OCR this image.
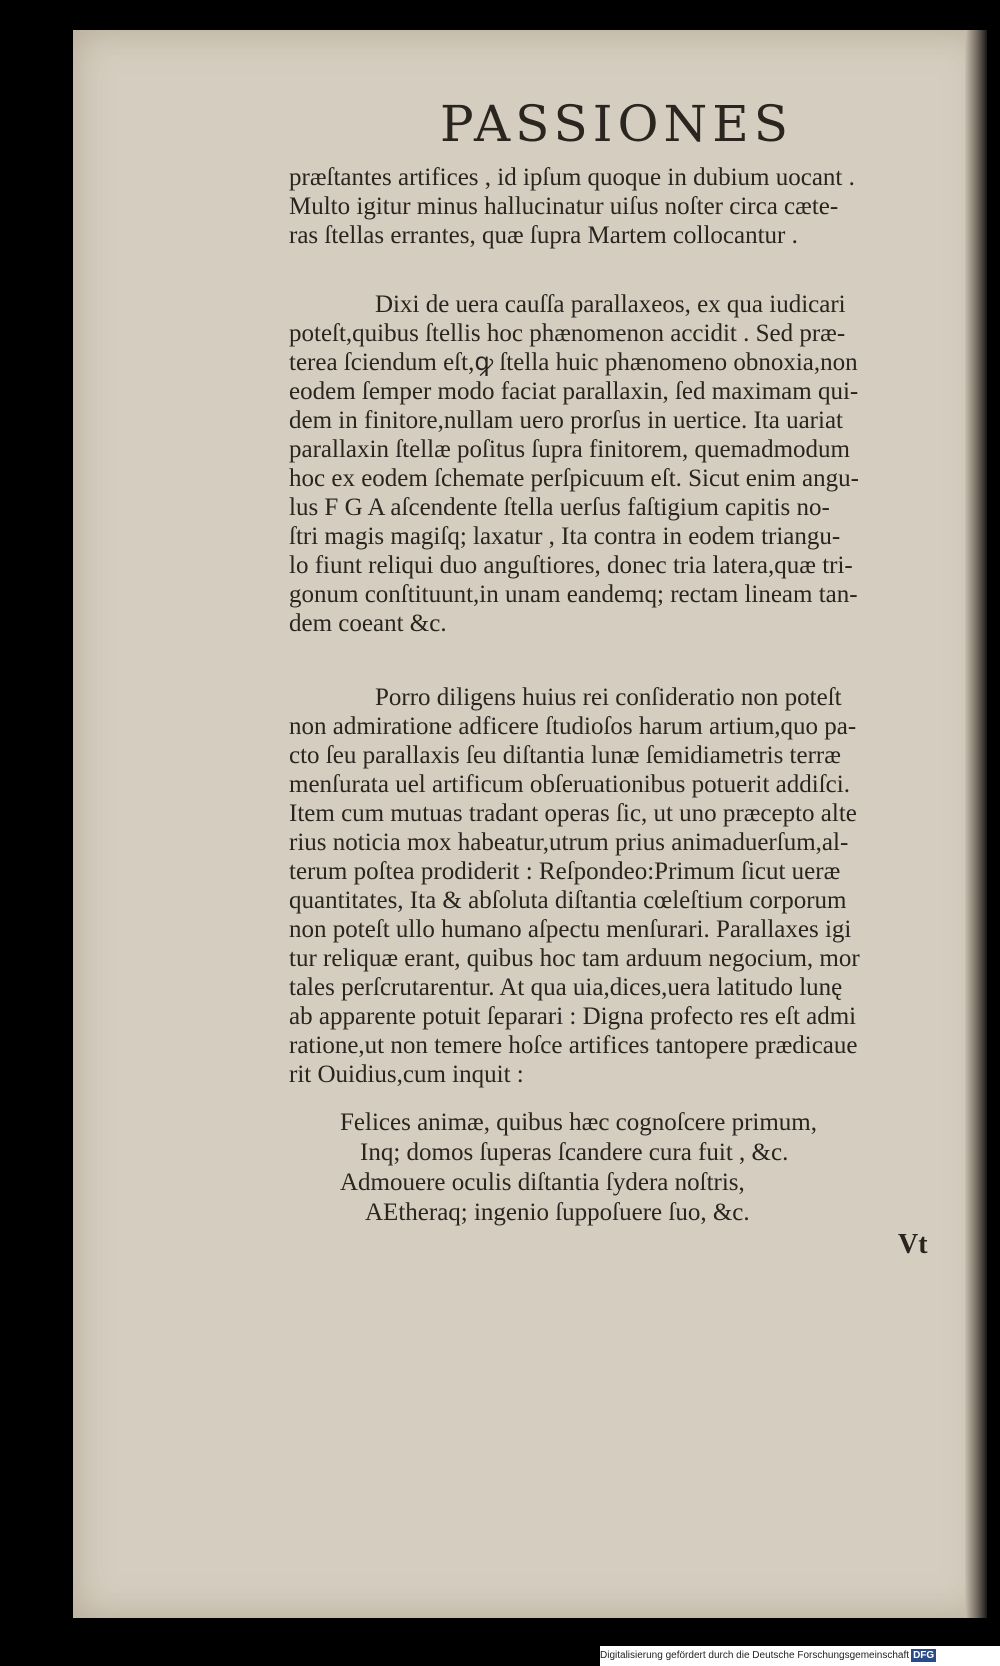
PASSIONES
præſtantes artifices , id ipſum quoque in dubium uocant .
Multo igitur minus hallucinatur uiſus noſter circa cæte-
ras ſtellas errantes, quæ ſupra Martem collocantur .
Dixi de uera cauſſa parallaxeos, ex qua iudicari
poteſt,quibus ſtellis hoc phænomenon accidit . Sed præ-
terea ſciendum eſt,ꝙ ſtella huic phænomeno obnoxia,non
eodem ſemper modo faciat parallaxin, ſed maximam qui-
dem in finitore,nullam uero prorſus in uertice. Ita uariat
parallaxin ſtellæ poſitus ſupra finitorem, quemadmodum
hoc ex eodem ſchemate perſpicuum eſt. Sicut enim angu-
lus F G A aſcendente ſtella uerſus faſtigium capitis no-
ſtri magis magiſq; laxatur , Ita contra in eodem triangu-
lo fiunt reliqui duo anguſtiores, donec tria latera,quæ tri-
gonum conſtituunt,in unam eandemq; rectam lineam tan-
dem coeant &c.
Porro diligens huius rei conſideratio non poteſt
non admiratione adficere ſtudioſos harum artium,quo pa-
cto ſeu parallaxis ſeu diſtantia lunæ ſemidiametris terræ
menſurata uel artificum obſeruationibus potuerit addiſci.
Item cum mutuas tradant operas ſic, ut uno præcepto alte
rius noticia mox habeatur,utrum prius animaduerſum,al-
terum poſtea prodiderit : Reſpondeo:Primum ſicut ueræ
quantitates, Ita & abſoluta diſtantia cœleſtium corporum
non poteſt ullo humano aſpectu menſurari. Parallaxes igi
tur reliquæ erant, quibus hoc tam arduum negocium, mor
tales perſcrutarentur. At qua uia,dices,uera latitudo lunę
ab apparente potuit ſeparari : Digna profecto res eſt admi
ratione,ut non temere hoſce artifices tantopere prædicaue
rit Ouidius,cum inquit :
Felices animæ, quibus hæc cognoſcere primum,
Inq; domos ſuperas ſcandere cura fuit , &c.
Admouere oculis diſtantia ſydera noſtris,
AEtheraq; ingenio ſuppoſuere ſuo, &c.
Vt
Digitalisierung gefördert durch die Deutsche Forschungsgemeinschaft DFG
